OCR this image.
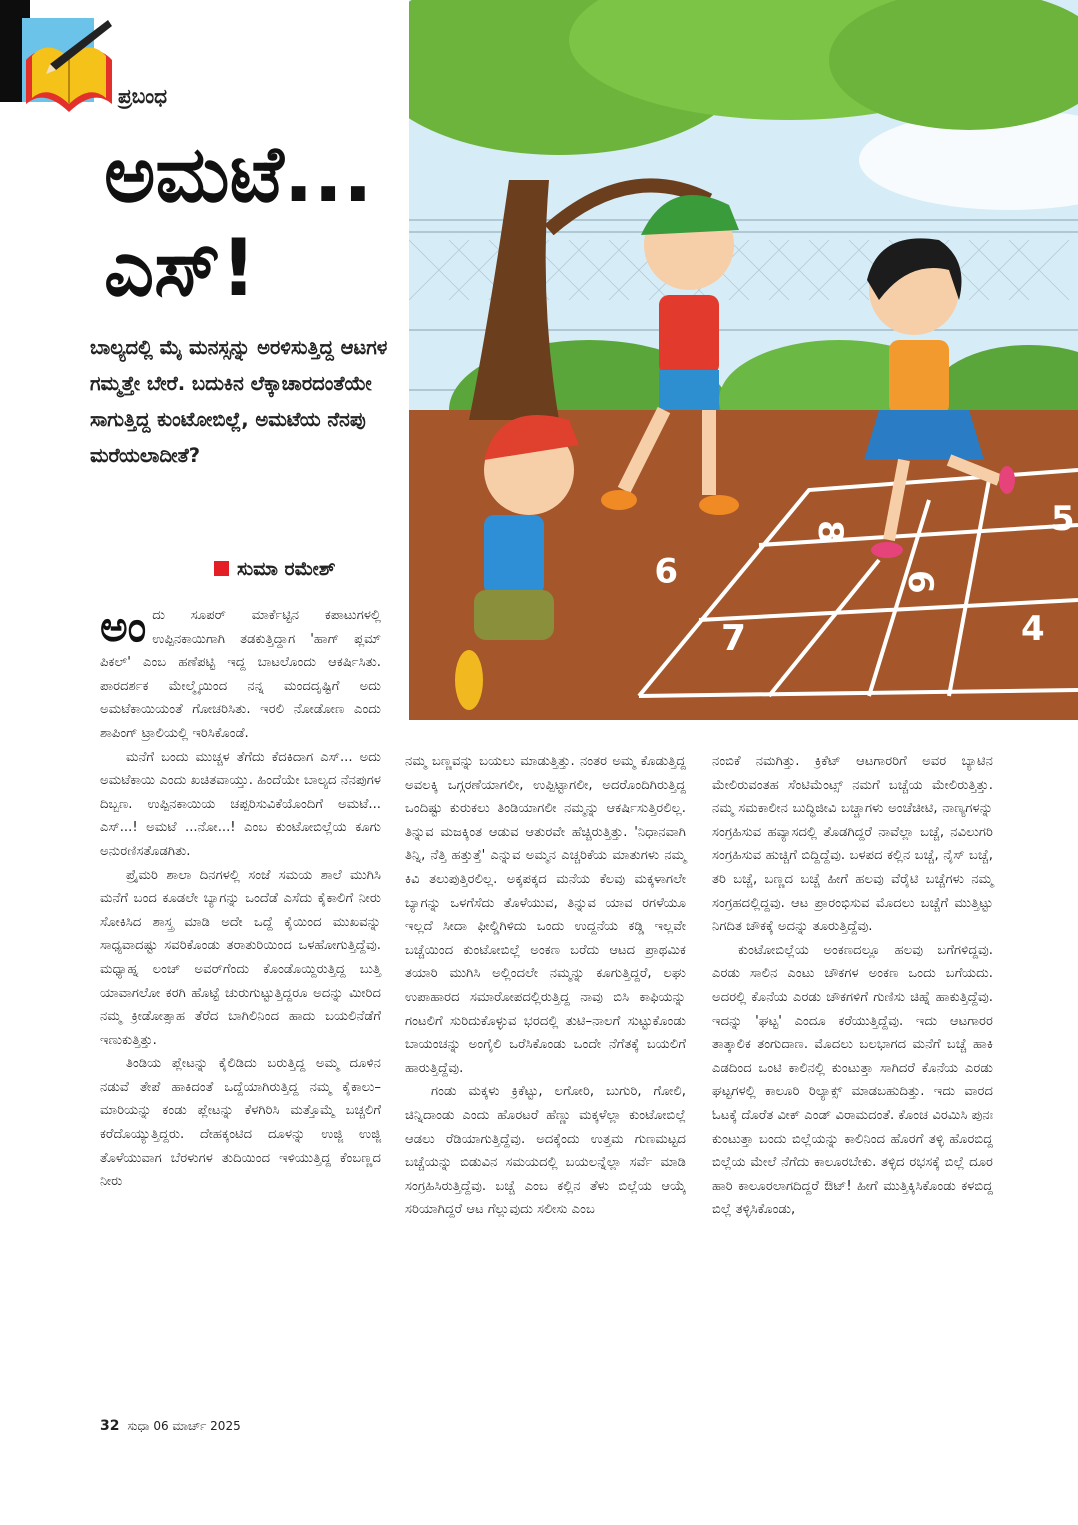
ಪ್ರಬಂಧ
ಅಮಟೆ...
ಎಸ್!
ಬಾಲ್ಯದಲ್ಲಿ ಮೈ ಮನಸ್ಸನ್ನು ಅರಳಿಸುತ್ತಿದ್ದ ಆಟಗಳ ಗಮ್ಮತ್ತೇ ಬೇರೆ. ಬದುಕಿನ ಲೆಕ್ಕಾಚಾರದಂತೆಯೇ ಸಾಗುತ್ತಿದ್ದ ಕುಂಟೋಬಿಲ್ಲೆ, ಅಮಟೆಯ ನೆನಪು ಮರೆಯಲಾದೀತೆ?
ಸುಮಾ ರಮೇಶ್	9
8
7
6
4
5

ಅಂದು ಸೂಪರ್ ಮಾರ್ಕೆಟ್ಟಿನ ಕಪಾಟುಗಳಲ್ಲಿ ಉಪ್ಪಿನಕಾಯಿಗಾಗಿ ತಡಕುತ್ತಿದ್ದಾಗ 'ಹಾಗ್ ಪ್ಲಮ್ ಪಿಕಲ್' ಎಂಬ ಹಣೆಪಟ್ಟಿ ಇದ್ದ ಬಾಟಲೊಂದು ಆಕರ್ಷಿಸಿತು. ಪಾರದರ್ಶಕ ಮೇಲ್ಮೈಯಿಂದ ನನ್ನ ಮಂದದೃಷ್ಟಿಗೆ ಅದು ಅಮಟೆಕಾಯಿಯಂತೆ ಗೋಚರಿಸಿತು. ಇರಲಿ ನೋಡೋಣ ಎಂದು ಶಾಪಿಂಗ್ ಟ್ರಾಲಿಯಲ್ಲಿ ಇರಿಸಿಕೊಂಡೆ.

ಮನೆಗೆ ಬಂದು ಮುಚ್ಚಳ ತೆಗೆದು ಕೆದಕಿದಾಗ ಎಸ್... ಅದು ಅಮಟೆಕಾಯಿ ಎಂದು ಖಚಿತವಾಯ್ತು. ಹಿಂದೆಯೇ ಬಾಲ್ಯದ ನೆನಪುಗಳ ದಿಬ್ಬಣ. ಉಪ್ಪಿನಕಾಯಿಯ ಚಪ್ಪರಿಸುವಿಕೆಯೊಂದಿಗೆ ಅಮಟೆ... ಎಸ್...! ಅಮಟೆ ...ನೋ...! ಎಂಬ ಕುಂಟೋಬಿಲ್ಲೆಯ ಕೂಗು ಅನುರಣಿಸತೊಡಗಿತು.

ಪ್ರೈಮರಿ ಶಾಲಾ ದಿನಗಳಲ್ಲಿ ಸಂಜೆ ಸಮಯ ಶಾಲೆ ಮುಗಿಸಿ ಮನೆಗೆ ಬಂದ ಕೂಡಲೇ ಬ್ಯಾಗನ್ನು ಒಂದೆಡೆ ಎಸೆದು ಕೈಕಾಲಿಗೆ ನೀರು ಸೋಕಿಸಿದ ಶಾಸ್ತ್ರ ಮಾಡಿ ಅದೇ ಒದ್ದೆ ಕೈಯಿಂದ ಮುಖವನ್ನು ಸಾಧ್ಯವಾದಷ್ಟು ಸವರಿಕೊಂಡು ತರಾತುರಿಯಿಂದ ಒಳಹೋಗುತ್ತಿದ್ದೆವು. ಮಧ್ಯಾಹ್ನ ಲಂಚ್ ಅವರ್‌ಗೆಂದು ಕೊಂಡೊಯ್ದಿರುತ್ತಿದ್ದ ಬುತ್ತಿ ಯಾವಾಗಲೋ ಕರಗಿ ಹೊಟ್ಟೆ ಚುರುಗುಟ್ಟುತ್ತಿದ್ದರೂ ಅದನ್ನು ಮೀರಿದ ನಮ್ಮ ಕ್ರೀಡೋತ್ಸಾಹ ತೆರೆದ ಬಾಗಿಲಿನಿಂದ ಹಾದು ಬಯಲಿನೆಡೆಗೆ ಇಣುಕುತ್ತಿತ್ತು.

ತಿಂಡಿಯ ಪ್ಲೇಟನ್ನು ಕೈಲಿಡಿದು ಬರುತ್ತಿದ್ದ ಅಮ್ಮ ದೂಳಿನ ನಡುವೆ ತೇಪೆ ಹಾಕಿದಂತೆ ಒದ್ದೆಯಾಗಿರುತ್ತಿದ್ದ ನಮ್ಮ ಕೈಕಾಲು–ಮಾರಿಯನ್ನು ಕಂಡು ಪ್ಲೇಟನ್ನು ಕೆಳಗಿರಿಸಿ ಮತ್ತೊಮ್ಮೆ ಬಚ್ಚಲಿಗೆ ಕರೆದೊಯ್ಯುತ್ತಿದ್ದರು. ದೇಹಕ್ಕಂಟಿದ ದೂಳನ್ನು ಉಜ್ಜಿ ಉಜ್ಜಿ ತೊಳೆಯುವಾಗ ಬೆರಳುಗಳ ತುದಿಯಿಂದ ಇಳಿಯುತ್ತಿದ್ದ ಕೆಂಬಣ್ಣದ ನೀರು

ನಮ್ಮ ಬಣ್ಣವನ್ನು ಬಯಲು ಮಾಡುತ್ತಿತ್ತು. ನಂತರ ಅಮ್ಮ ಕೊಡುತ್ತಿದ್ದ ಅವಲಕ್ಕಿ ಒಗ್ಗರಣೆಯಾಗಲೀ, ಉಪ್ಪಿಟ್ಟಾಗಲೀ, ಅದರೊಂದಿಗಿರುತ್ತಿದ್ದ ಒಂದಿಷ್ಟು ಕುರುಕಲು ತಿಂಡಿಯಾಗಲೀ ನಮ್ಮನ್ನು ಆಕರ್ಷಿಸುತ್ತಿರಲಿಲ್ಲ. ತಿನ್ನುವ ಮಜಕ್ಕಿಂತ ಆಡುವ ಆತುರವೇ ಹೆಚ್ಚಿರುತ್ತಿತ್ತು. 'ನಿಧಾನವಾಗಿ ತಿನ್ನಿ, ನೆತ್ತಿ ಹತ್ತುತ್ತೆ' ಎನ್ನುವ ಅಮ್ಮನ ಎಚ್ಚರಿಕೆಯ ಮಾತುಗಳು ನಮ್ಮ ಕಿವಿ ತಲುಪುತ್ತಿರಲಿಲ್ಲ. ಅಕ್ಕಪಕ್ಕದ ಮನೆಯ ಕೆಲವು ಮಕ್ಕಳಾಗಲೇ ಬ್ಯಾಗನ್ನು ಒಳಗೆಸೆದು ತೊಳೆಯುವ, ತಿನ್ನುವ ಯಾವ ರಗಳೆಯೂ ಇಲ್ಲದೆ ಸೀದಾ ಫೀಲ್ಡಿಗಿಳಿದು ಒಂದು ಉದ್ದನೆಯ ಕಡ್ಡಿ ಇಲ್ಲವೇ ಬಚ್ಚೆಯಿಂದ ಕುಂಟೋಬಿಲ್ಲೆ ಅಂಕಣ ಬರೆದು ಆಟದ ಪ್ರಾಥಮಿಕ ತಯಾರಿ ಮುಗಿಸಿ ಅಲ್ಲಿಂದಲೇ ನಮ್ಮನ್ನು ಕೂಗುತ್ತಿದ್ದರೆ, ಲಘು ಉಪಾಹಾರದ ಸಮಾರೋಪದಲ್ಲಿರುತ್ತಿದ್ದ ನಾವು ಬಿಸಿ ಕಾಫಿಯನ್ನು ಗಂಟಲಿಗೆ ಸುರಿದುಕೊಳ್ಳುವ ಭರದಲ್ಲಿ ತುಟಿ–ನಾಲಗೆ ಸುಟ್ಟುಕೊಂಡು ಬಾಯಂಚನ್ನು ಅಂಗೈಲಿ ಒರೆಸಿಕೊಂಡು ಒಂದೇ ನೆಗೆತಕ್ಕೆ ಬಯಲಿಗೆ ಹಾರುತ್ತಿದ್ದೆವು.

ಗಂಡು ಮಕ್ಕಳು ಕ್ರಿಕೆಟ್ಟು, ಲಗೋರಿ, ಬುಗುರಿ, ಗೋಲಿ, ಚಿನ್ನಿದಾಂಡು ಎಂದು ಹೊರಟರೆ ಹೆಣ್ಣು ಮಕ್ಕಳೆಲ್ಲಾ ಕುಂಟೋಬಿಲ್ಲೆ ಆಡಲು ರೆಡಿಯಾಗುತ್ತಿದ್ದೆವು. ಅದಕ್ಕೆಂದು ಉತ್ತಮ ಗುಣಮಟ್ಟದ ಬಚ್ಚೆಯನ್ನು ಬಿಡುವಿನ ಸಮಯದಲ್ಲಿ ಬಯಲನ್ನೆಲ್ಲಾ ಸರ್ವೆ ಮಾಡಿ ಸಂಗ್ರಹಿಸಿರುತ್ತಿದ್ದೆವು. ಬಚ್ಚೆ ಎಂಬ ಕಲ್ಲಿನ ತೆಳು ಬಿಲ್ಲೆಯ ಆಯ್ಕೆ ಸರಿಯಾಗಿದ್ದರೆ ಆಟ ಗೆಲ್ಲುವುದು ಸಲೀಸು ಎಂಬ

ನಂಬಿಕೆ ನಮಗಿತ್ತು. ಕ್ರಿಕೆಟ್ ಆಟಗಾರರಿಗೆ ಅವರ ಬ್ಯಾಟಿನ ಮೇಲಿರುವಂತಹ ಸೆಂಟಿಮೆಂಟ್ಸ್ ನಮಗೆ ಬಚ್ಚೆಯ ಮೇಲಿರುತ್ತಿತ್ತು. ನಮ್ಮ ಸಮಕಾಲೀನ ಬುದ್ಧಿಜೀವಿ ಬಚ್ಚಾಗಳು ಅಂಚೆಚೀಟಿ, ನಾಣ್ಯಗಳನ್ನು ಸಂಗ್ರಹಿಸುವ ಹವ್ಯಾಸದಲ್ಲಿ ತೊಡಗಿದ್ದರೆ ನಾವೆಲ್ಲಾ ಬಚ್ಚೆ, ನವಿಲುಗರಿ ಸಂಗ್ರಹಿಸುವ ಹುಚ್ಚಿಗೆ ಬಿದ್ದಿದ್ದೆವು. ಬಳಪದ ಕಲ್ಲಿನ ಬಚ್ಚೆ, ನೈಸ್ ಬಚ್ಚೆ, ತರಿ ಬಚ್ಚೆ, ಬಣ್ಣದ ಬಚ್ಚೆ ಹೀಗೆ ಹಲವು ವೆರೈಟಿ ಬಚ್ಚೆಗಳು ನಮ್ಮ ಸಂಗ್ರಹದಲ್ಲಿದ್ದವು. ಆಟ ಪ್ರಾರಂಭಿಸುವ ಮೊದಲು ಬಚ್ಚೆಗೆ ಮುತ್ತಿಟ್ಟು ನಿಗದಿತ ಚೌಕಕ್ಕೆ ಅದನ್ನು ತೂರುತ್ತಿದ್ದೆವು.

ಕುಂಟೋಬಿಲ್ಲೆಯ ಅಂಕಣದಲ್ಲೂ ಹಲವು ಬಗೆಗಳಿದ್ದವು. ಎರಡು ಸಾಲಿನ ಎಂಟು ಚೌಕಗಳ ಅಂಕಣ ಒಂದು ಬಗೆಯದು. ಅದರಲ್ಲಿ ಕೊನೆಯ ಎರಡು ಚೌಕಗಳಿಗೆ ಗುಣಿಸು ಚಿಹ್ನೆ ಹಾಕುತ್ತಿದ್ದೆವು. ಇದನ್ನು 'ಘಟ್ಟ' ಎಂದೂ ಕರೆಯುತ್ತಿದ್ದೆವು. ಇದು ಆಟಗಾರರ ತಾತ್ಕಾಲಿಕ ತಂಗುದಾಣ. ಮೊದಲು ಬಲಭಾಗದ ಮನೆಗೆ ಬಚ್ಚೆ ಹಾಕಿ ಎಡದಿಂದ ಒಂಟಿ ಕಾಲಿನಲ್ಲಿ ಕುಂಟುತ್ತಾ ಸಾಗಿದರೆ ಕೊನೆಯ ಎರಡು ಘಟ್ಟಗಳಲ್ಲಿ ಕಾಲೂರಿ ರಿಲ್ಯಾಕ್ಸ್ ಮಾಡಬಹುದಿತ್ತು. ಇದು ವಾರದ ಓಟಕ್ಕೆ ದೊರೆತ ವೀಕ್ ಎಂಡ್ ವಿರಾಮದಂತೆ. ಕೊಂಚ ವಿರಮಿಸಿ ಪುನಃ ಕುಂಟುತ್ತಾ ಬಂದು ಬಿಲ್ಲೆಯನ್ನು ಕಾಲಿನಿಂದ ಹೊರಗೆ ತಳ್ಳಿ ಹೊರಬಿದ್ದ ಬಿಲ್ಲೆಯ ಮೇಲೆ ನೆಗೆದು ಕಾಲೂರಬೇಕು. ತಳ್ಳಿದ ರಭಸಕ್ಕೆ ಬಿಲ್ಲೆ ದೂರ ಹಾರಿ ಕಾಲೂರಲಾಗದಿದ್ದರೆ ಔಟ್! ಹೀಗೆ ಮುತ್ತಿಕ್ಕಿಸಿಕೊಂಡು ಕಳಬಿದ್ದ ಬಿಲ್ಲೆ ತಳ್ಳಿಸಿಕೊಂಡು,

32 ಸುಧಾ 06 ಮಾರ್ಚ್ 2025
